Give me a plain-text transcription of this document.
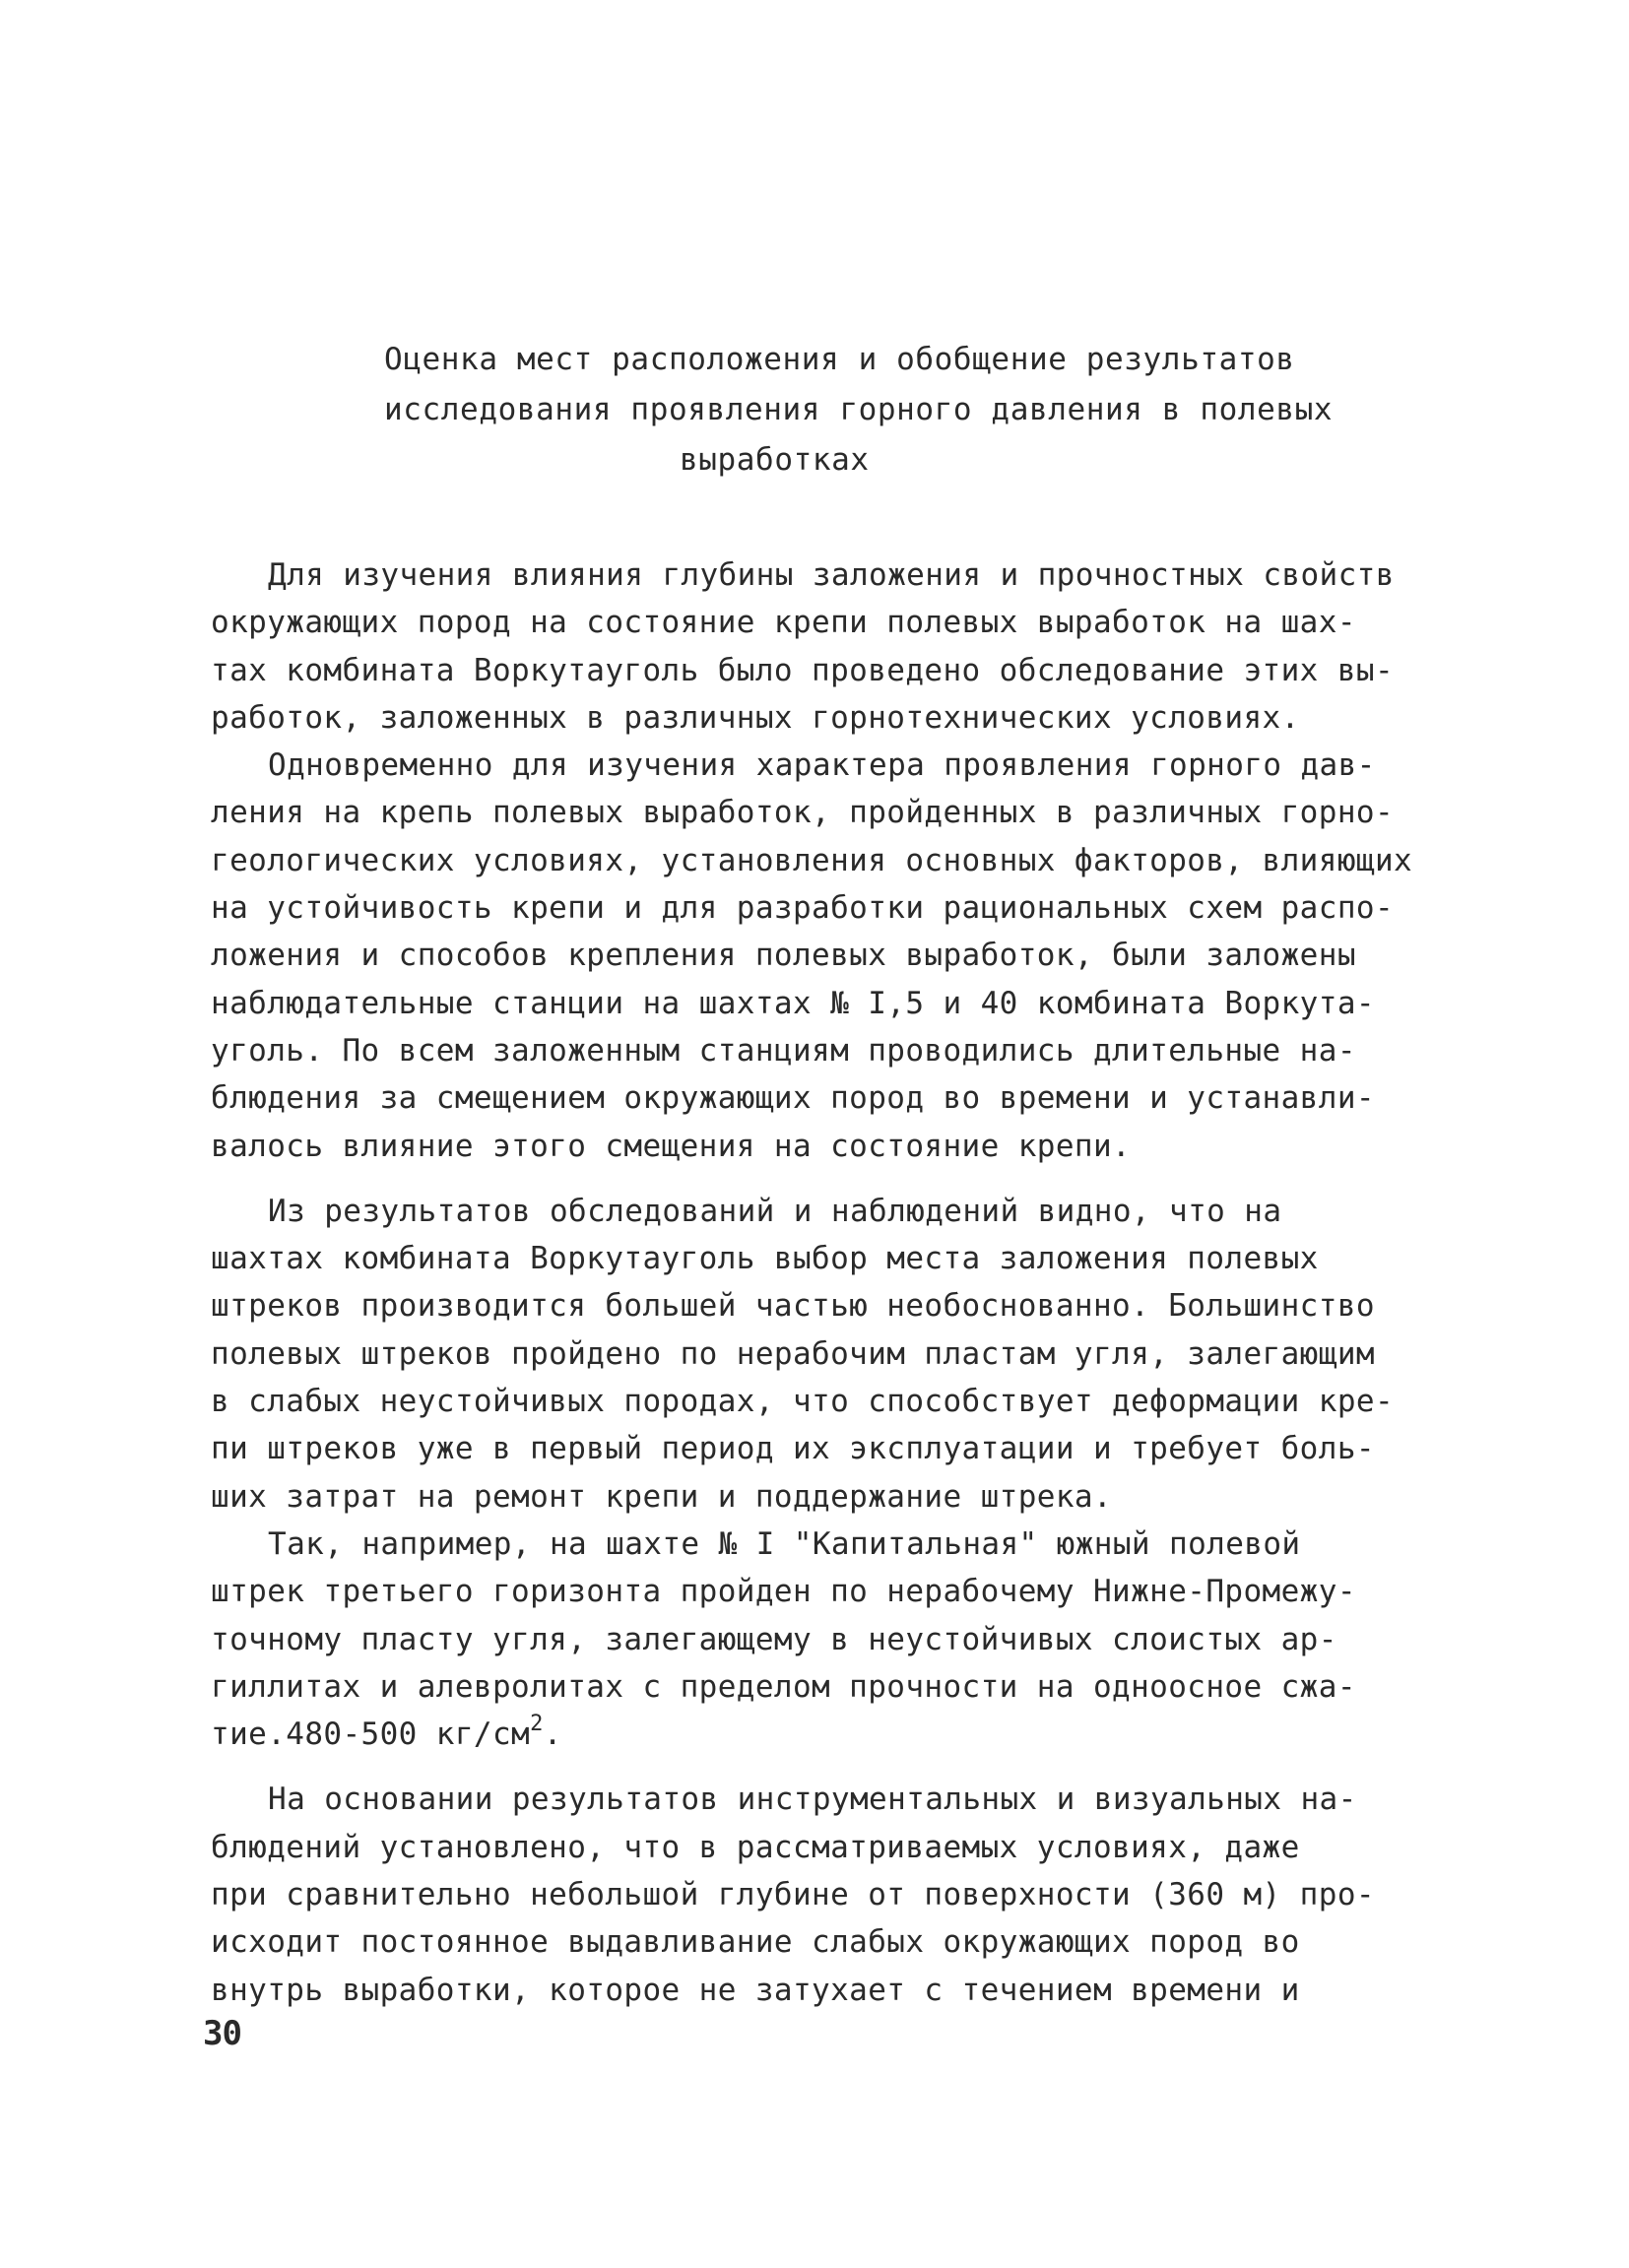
Оценка мест расположения и обобщение результатов
исследования проявления горного давления в полевых
выработках
Для изучения влияния глубины заложения и прочностных свойств
окружающих пород на состояние крепи полевых выработок на шах-
тах комбината Воркутауголь было проведено обследование этих вы-
работок, заложенных в различных горнотехнических условиях.
Одновременно для изучения характера проявления горного дав-
ления на крепь полевых выработок, пройденных в различных горно-
геологических условиях, установления основных факторов, влияющих
на устойчивость крепи и для разработки рациональных схем распо-
ложения и способов крепления полевых выработок, были заложены
наблюдательные станции на шахтах № I,5 и 40 комбината Воркута-
уголь. По всем заложенным станциям проводились длительные на-
блюдения за смещением окружающих пород во времени и устанавли-
валось влияние этого смещения на состояние крепи.
Из результатов обследований и наблюдений видно, что на
шахтах комбината Воркутауголь выбор места заложения полевых
штреков производится большей частью необоснованно. Большинство
полевых штреков пройдено по нерабочим пластам угля, залегающим
в слабых неустойчивых породах, что способствует деформации кре-
пи штреков уже в первый период их эксплуатации и требует боль-
ших затрат на ремонт крепи и поддержание штрека.
Так, например, на шахте № I "Капитальная" южный полевой
штрек третьего горизонта пройден по нерабочему Нижне-Промежу-
точному пласту угля, залегающему в неустойчивых слоистых ар-
гиллитах и алевролитах с пределом прочности на одноосное сжа-
тие.480-500 $кг/см^2$.
На основании результатов инструментальных и визуальных на-
блюдений установлено, что в рассматриваемых условиях, даже
при сравнительно небольшой глубине от поверхности (360 м) про-
исходит постоянное выдавливание слабых окружающих пород во
внутрь выработки, которое не затухает с течением времени и
30
